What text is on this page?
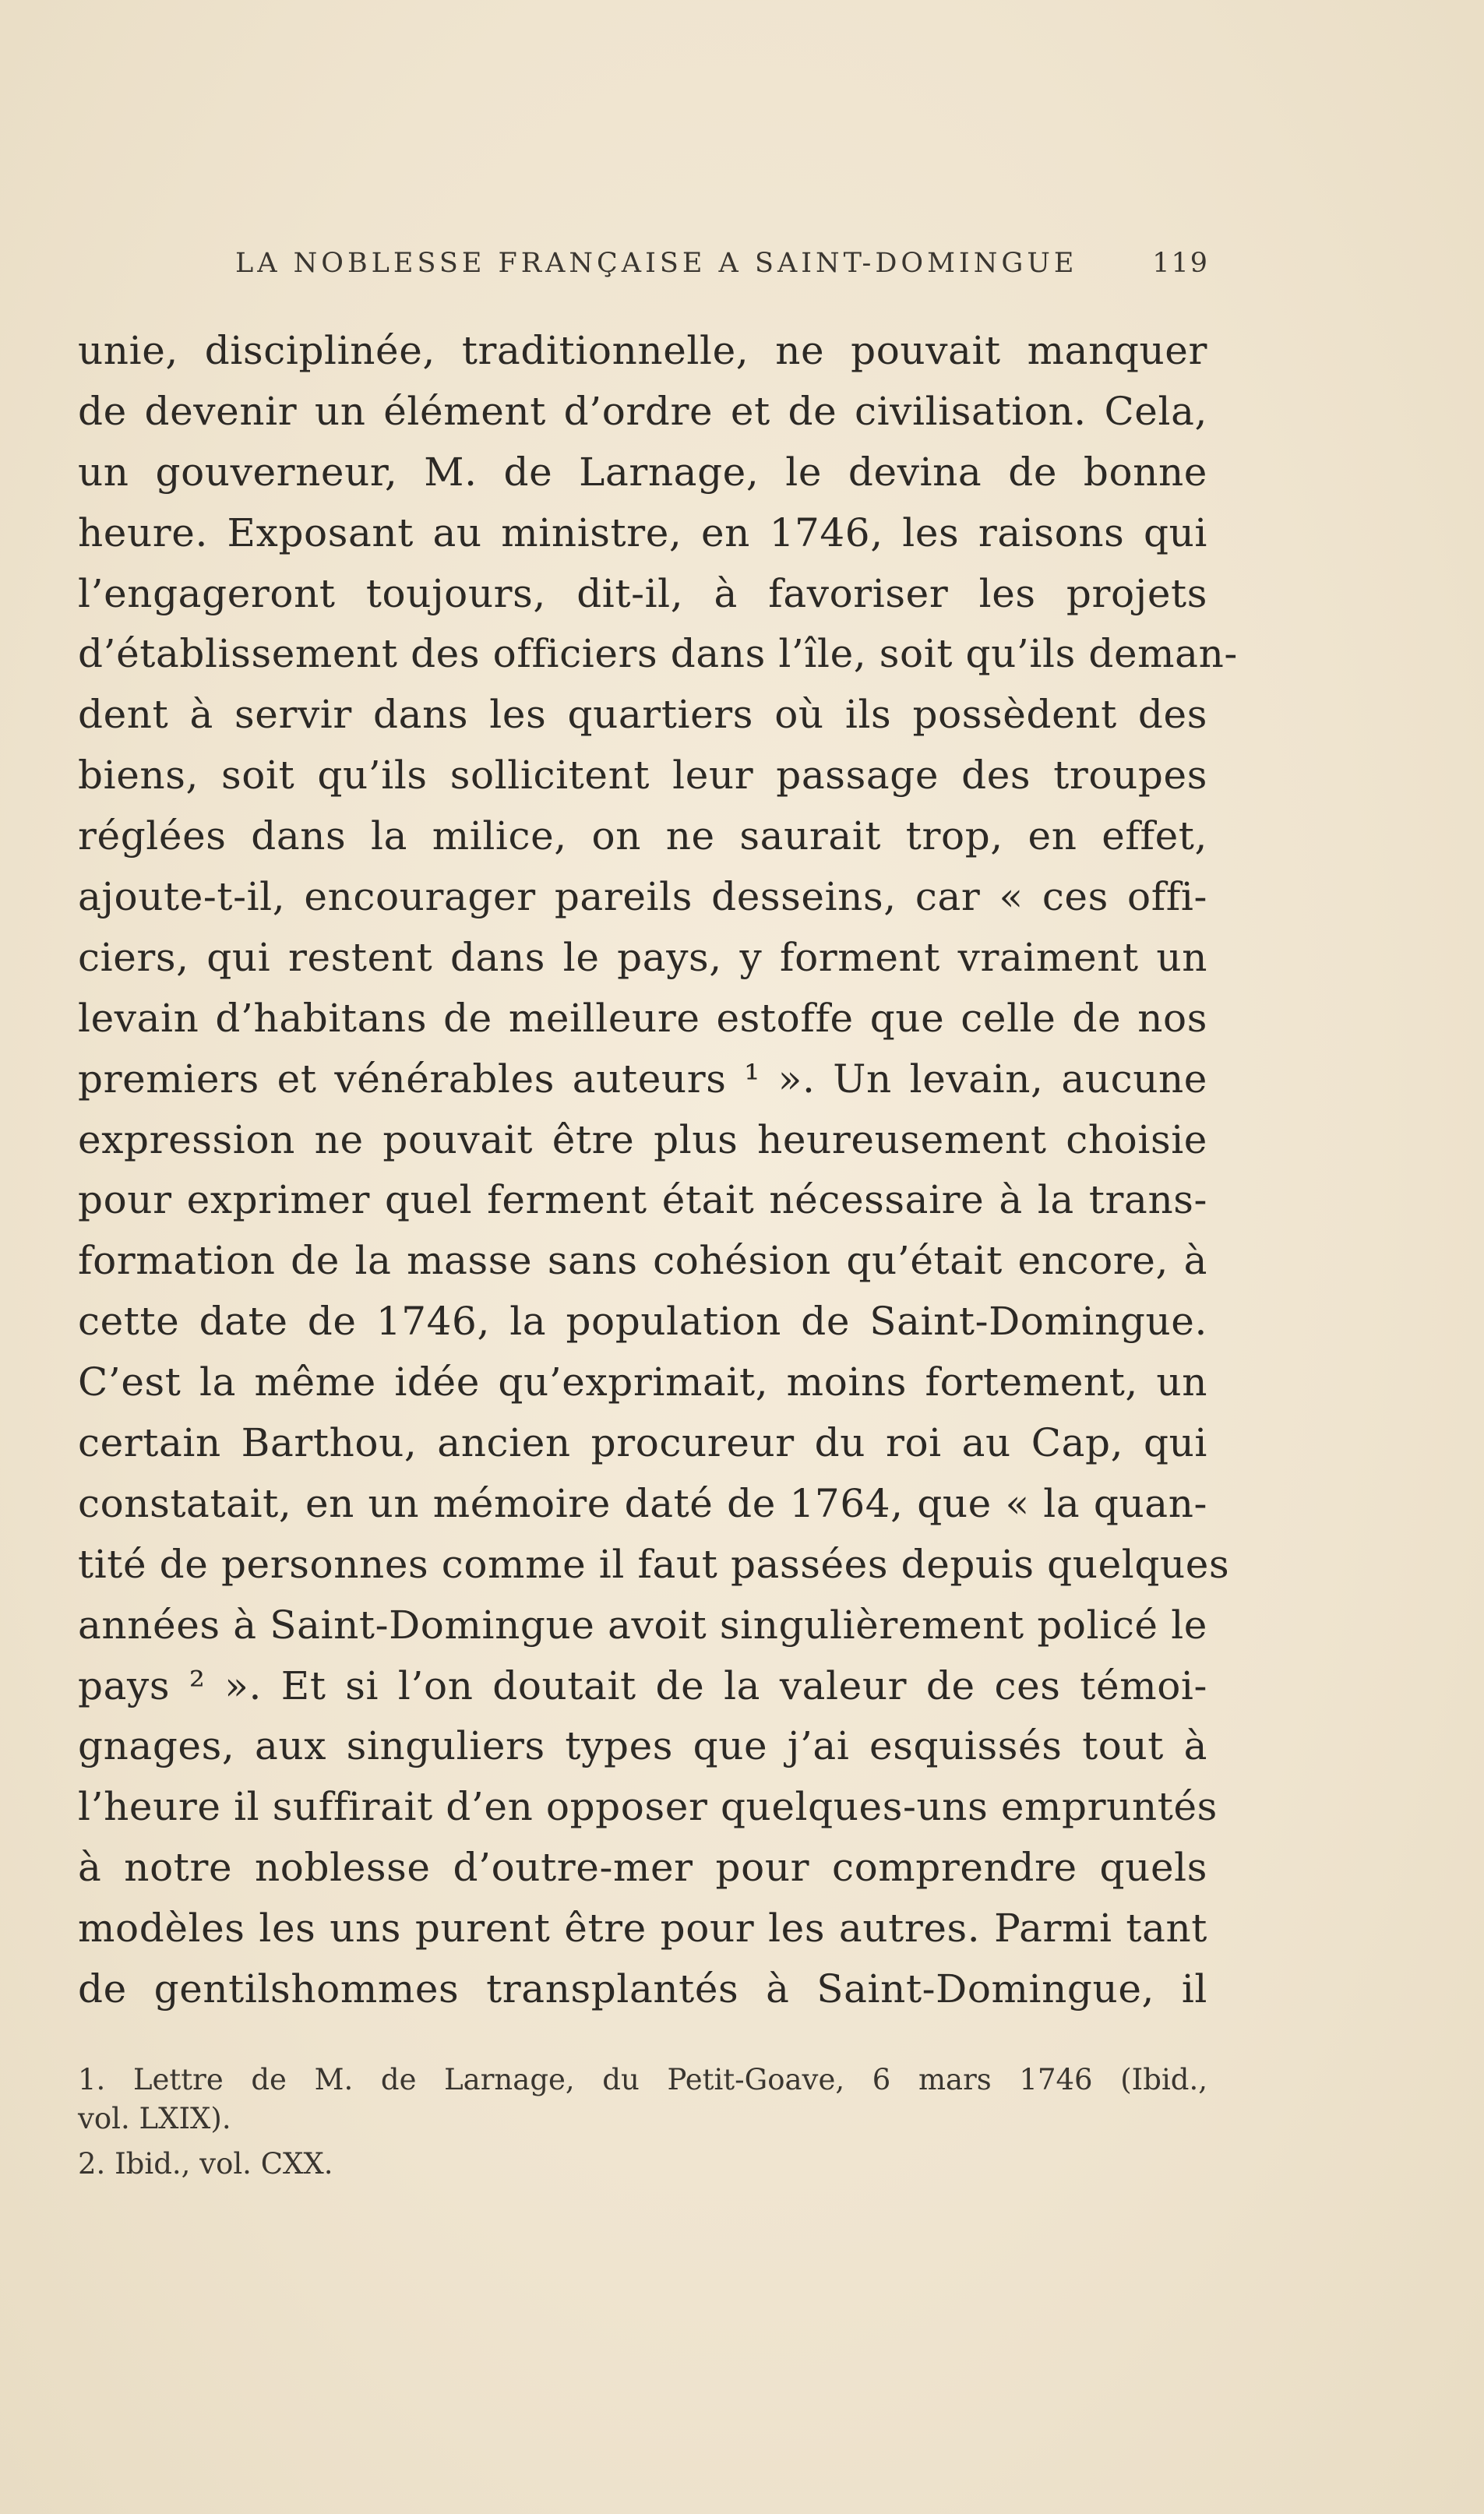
LA NOBLESSE FRANÇAISE A SAINT-DOMINGUE	119
unie, disciplinée, traditionnelle, ne pouvait manquer
de devenir un élément d’ordre et de civilisation. Cela,
un gouverneur, M. de Larnage, le devina de bonne
heure. Exposant au ministre, en 1746, les raisons qui
l’engageront toujours, dit-il, à favoriser les projets
d’établissement des officiers dans l’île, soit qu’ils deman-
dent à servir dans les quartiers où ils possèdent des
biens, soit qu’ils sollicitent leur passage des troupes
réglées dans la milice, on ne saurait trop, en effet,
ajoute-t-il, encourager pareils desseins, car « ces offi-
ciers, qui restent dans le pays, y forment vraiment un
levain d’habitans de meilleure estoffe que celle de nos
premiers et vénérables auteurs ¹ ». Un levain, aucune
expression ne pouvait être plus heureusement choisie
pour exprimer quel ferment était nécessaire à la trans-
formation de la masse sans cohésion qu’était encore, à
cette date de 1746, la population de Saint-Domingue.
C’est la même idée qu’exprimait, moins fortement, un
certain Barthou, ancien procureur du roi au Cap, qui
constatait, en un mémoire daté de 1764, que « la quan-
tité de personnes comme il faut passées depuis quelques
années à Saint-Domingue avoit singulièrement policé le
pays ² ». Et si l’on doutait de la valeur de ces témoi-
gnages, aux singuliers types que j’ai esquissés tout à
l’heure il suffirait d’en opposer quelques-uns empruntés
à notre noblesse d’outre-mer pour comprendre quels
modèles les uns purent être pour les autres. Parmi tant
de gentilshommes transplantés à Saint-Domingue, il
1. Lettre de M. de Larnage, du Petit-Goave, 6 mars 1746 (Ibid.,
vol. LXIX).
2. Ibid., vol. CXX.
